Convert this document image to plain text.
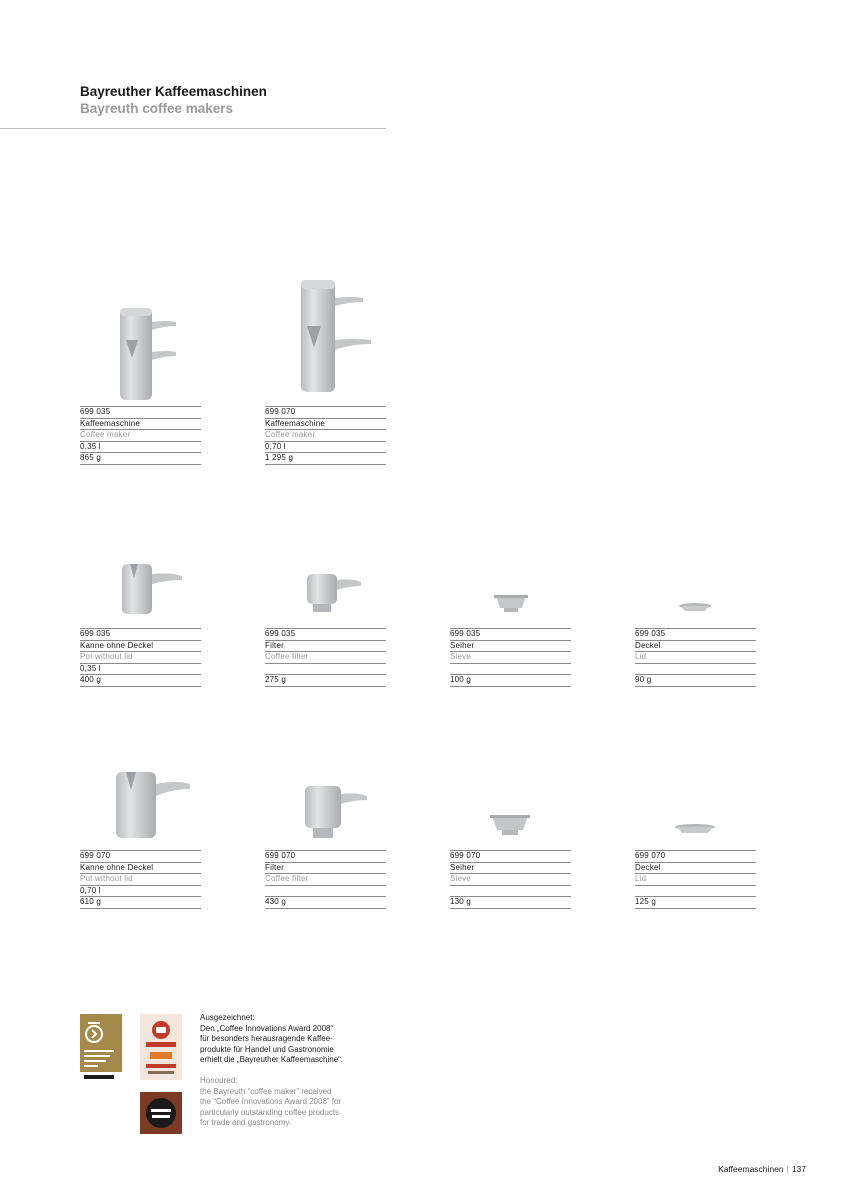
Bayreuther Kaffeemaschinen
Bayreuth coffee makers
699 035
Kaffeemaschine
Coffee maker
0,35 l
865 g
699 070
Kaffeemaschine
Coffee maker
0,70 l
1 295 g
699 035
Kanne ohne Deckel
Pot without lid
0,35 l
400 g
699 035
Filter
Coffee filter
275 g
699 035
Seiher
Sieve
100 g
699 035
Deckel
Lid
90 g
699 070
Kanne ohne Deckel
Pot without lid
0,70 l
610 g
699 070
Filter
Coffee filter
430 g
699 070
Seiher
Sieve
130 g
699 070
Deckel
Lid
125 g
Ausgezeichnet:
Den „Coffee Innovations Award 2008“
für besonders herausragende Kaffee-
produkte für Handel und Gastronomie
erhielt die „Bayreuther Kaffeemaschine“.
Honoured:
the Bayreuth “coffee maker” received
the “Coffee Innovations Award 2008” for
particularly outstanding coffee products
for trade and gastronomy.
Kaffeemaschinen | 137
